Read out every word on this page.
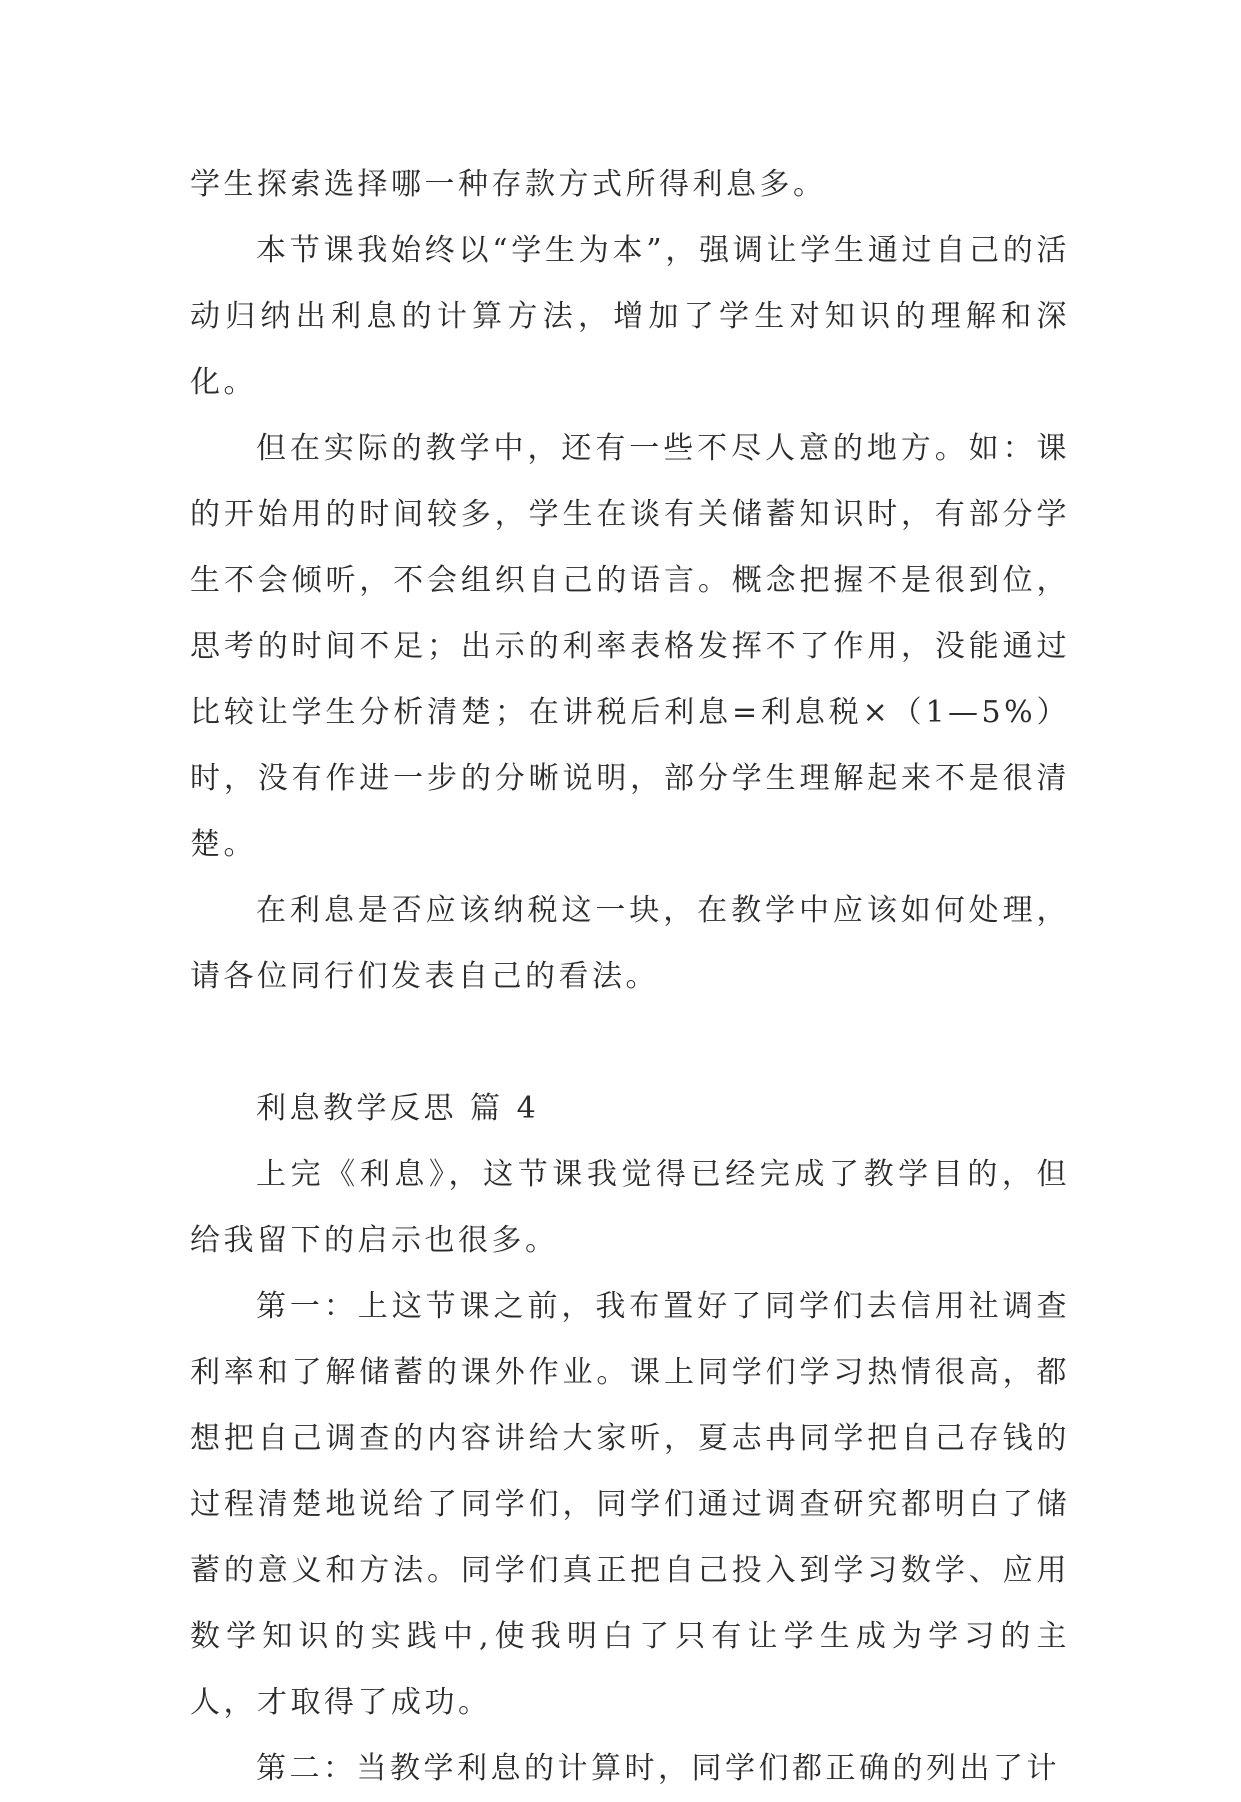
学生探索选择哪一种存款方式所得利息多。

本节课我始终以“学生为本”，强调让学生通过自己的活动归纳出利息的计算方法，增加了学生对知识的理解和深化。

但在实际的教学中，还有一些不尽人意的地方。如：课的开始用的时间较多，学生在谈有关储蓄知识时，有部分学生不会倾听，不会组织自己的语言。概念把握不是很到位，思考的时间不足；出示的利率表格发挥不了作用，没能通过比较让学生分析清楚；在讲税后利息=利息税×（1—5%）时，没有作进一步的分晰说明，部分学生理解起来不是很清楚。

在利息是否应该纳税这一块，在教学中应该如何处理，请各位同行们发表自己的看法。

利息教学反思 篇 4

上完《利息》，这节课我觉得已经完成了教学目的，但给我留下的启示也很多。

第一：上这节课之前，我布置好了同学们去信用社调查利率和了解储蓄的课外作业。课上同学们学习热情很高，都想把自己调查的内容讲给大家听，夏志冉同学把自己存钱的过程清楚地说给了同学们，同学们通过调查研究都明白了储蓄的意义和方法。同学们真正把自己投入到学习数学、应用数学知识的实践中,使我明白了只有让学生成为学习的主人，才取得了成功。

第二：当教学利息的计算时，同学们都正确的列出了计
